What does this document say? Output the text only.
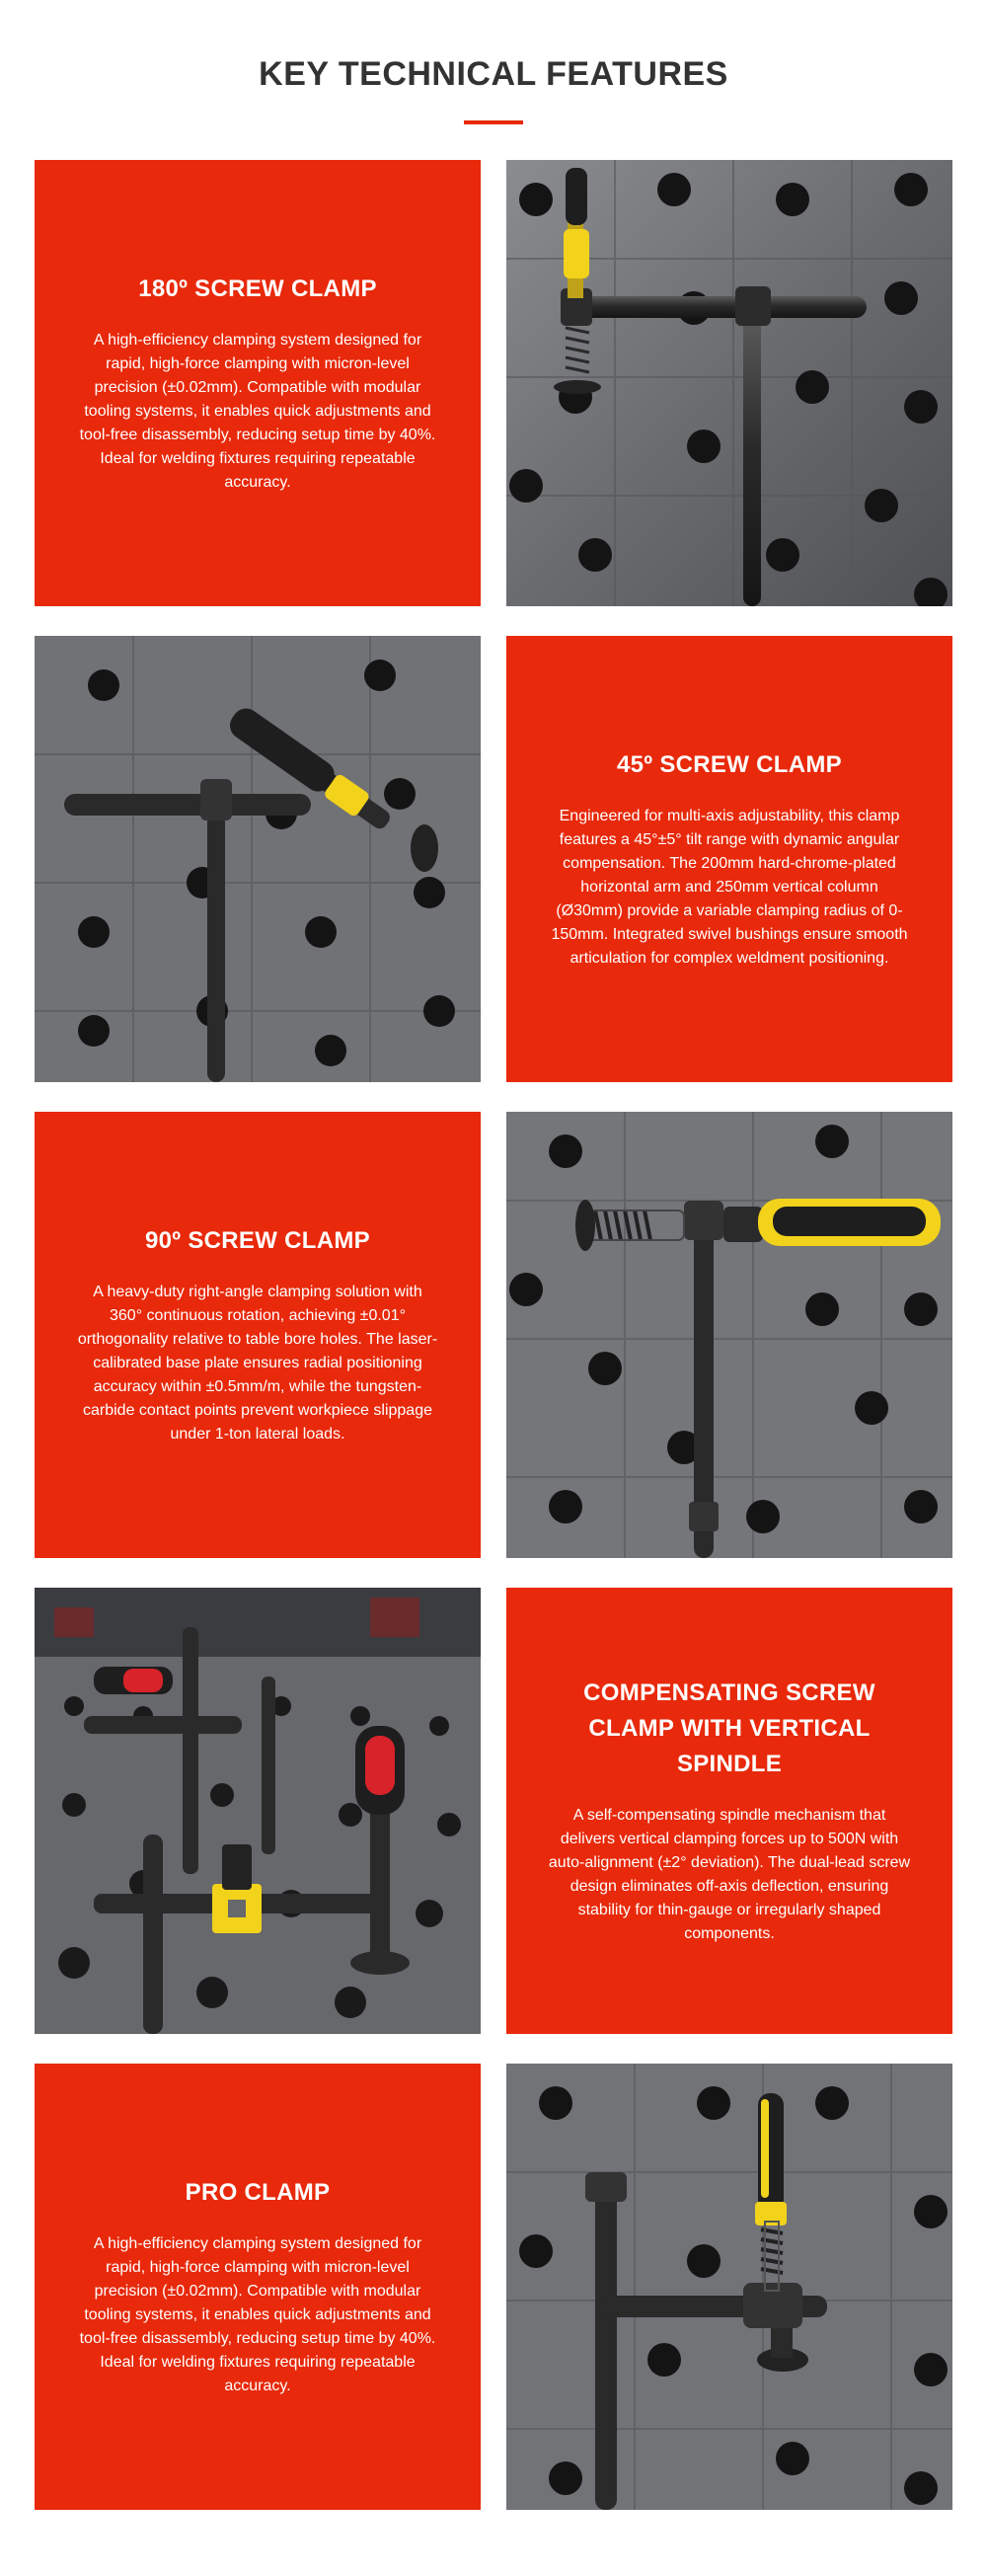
KEY TECHNICAL FEATURES
180º SCREW CLAMP

A high-efficiency clamping system designed for rapid, high-force clamping with micron-level precision (±0.02mm). Compatible with modular tooling systems, it enables quick adjustments and tool-free disassembly, reducing setup time by 40%. Ideal for welding fixtures requiring repeatable accuracy.

45º SCREW CLAMP

Engineered for multi-axis adjustability, this clamp features a 45°±5° tilt range with dynamic angular compensation. The 200mm hard-chrome-plated horizontal arm and 250mm vertical column (Ø30mm) provide a variable clamping radius of 0-150mm. Integrated swivel bushings ensure smooth articulation for complex weldment positioning.

90º SCREW CLAMP

A heavy-duty right-angle clamping solution with 360° continuous rotation, achieving ±0.01° orthogonality relative to table bore holes. The laser-calibrated base plate ensures radial positioning accuracy within ±0.5mm/m, while the tungsten-carbide contact points prevent workpiece slippage under 1-ton lateral loads.

COMPENSATING SCREW CLAMP WITH VERTICAL SPINDLE

A self-compensating spindle mechanism that delivers vertical clamping forces up to 500N with auto-alignment (±2° deviation). The dual-lead screw design eliminates off-axis deflection, ensuring stability for thin-gauge or irregularly shaped components.

PRO CLAMP

A high-efficiency clamping system designed for rapid, high-force clamping with micron-level precision (±0.02mm). Compatible with modular tooling systems, it enables quick adjustments and tool-free disassembly, reducing setup time by 40%. Ideal for welding fixtures requiring repeatable accuracy.
